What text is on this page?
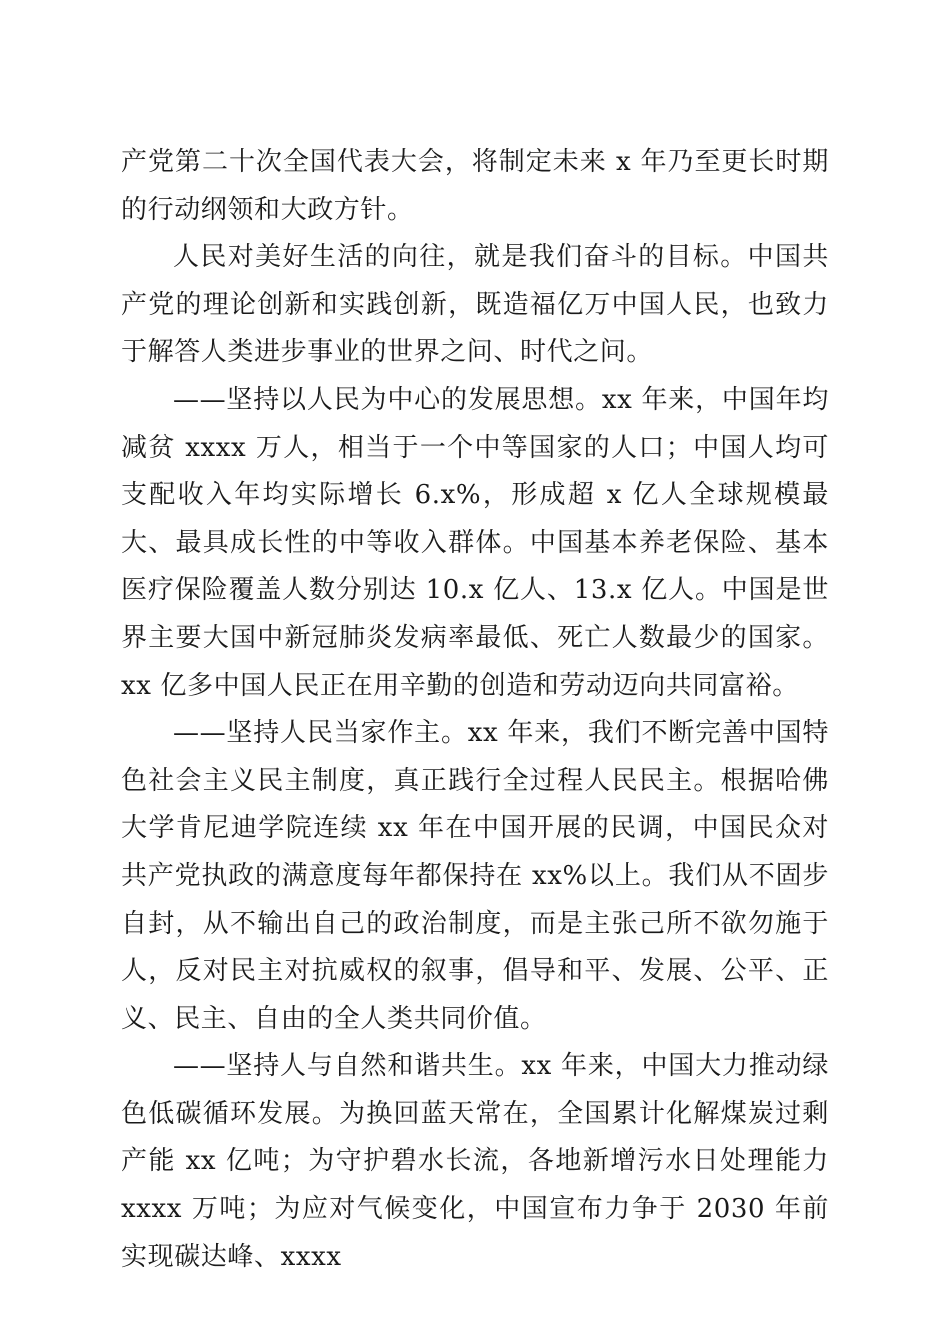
产党第二十次全国代表大会，将制定未来 x 年乃至更长时期的行动纲领和大政方针。

人民对美好生活的向往，就是我们奋斗的目标。中国共产党的理论创新和实践创新，既造福亿万中国人民，也致力于解答人类进步事业的世界之问、时代之问。

——坚持以人民为中心的发展思想。xx 年来，中国年均减贫 xxxx 万人，相当于一个中等国家的人口；中国人均可支配收入年均实际增长 6.x%，形成超 x 亿人全球规模最大、最具成长性的中等收入群体。中国基本养老保险、基本医疗保险覆盖人数分别达 10.x 亿人、13.x 亿人。中国是世界主要大国中新冠肺炎发病率最低、死亡人数最少的国家。xx 亿多中国人民正在用辛勤的创造和劳动迈向共同富裕。

——坚持人民当家作主。xx 年来，我们不断完善中国特色社会主义民主制度，真正践行全过程人民民主。根据哈佛大学肯尼迪学院连续 xx 年在中国开展的民调，中国民众对共产党执政的满意度每年都保持在 xx%以上。我们从不固步自封，从不输出自己的政治制度，而是主张己所不欲勿施于人，反对民主对抗威权的叙事，倡导和平、发展、公平、正义、民主、自由的全人类共同价值。

——坚持人与自然和谐共生。xx 年来，中国大力推动绿色低碳循环发展。为换回蓝天常在，全国累计化解煤炭过剩产能 xx 亿吨；为守护碧水长流，各地新增污水日处理能力 xxxx 万吨；为应对气候变化，中国宣布力争于 2030 年前实现碳达峰、xxxx
